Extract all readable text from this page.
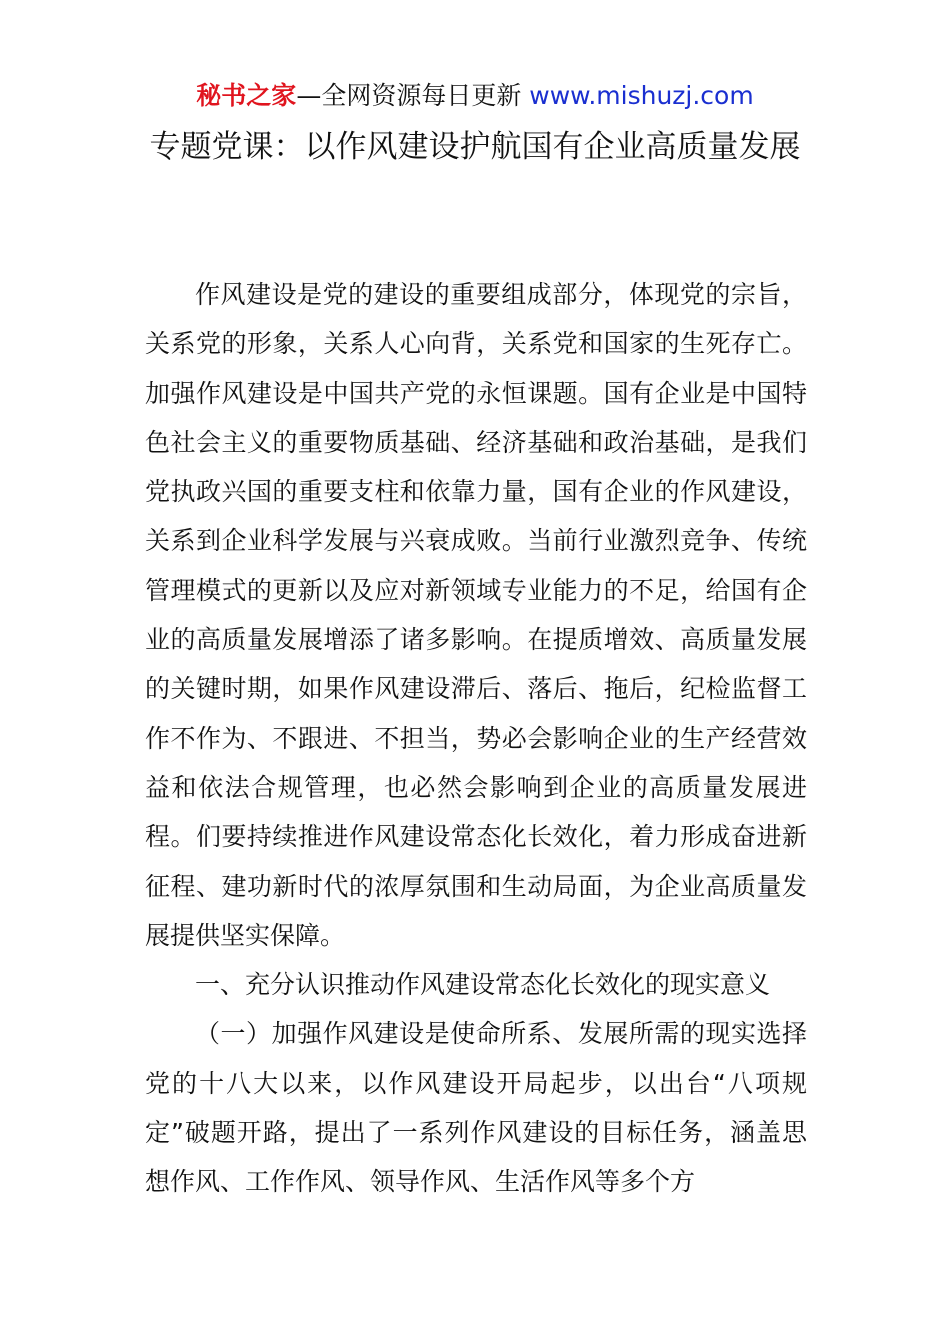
秘书之家—全网资源每日更新 www.mishuzj.com
专题党课：以作风建设护航国有企业高质量发展

作风建设是党的建设的重要组成部分，体现党的宗旨，关系党的形象，关系人心向背，关系党和国家的生死存亡。加强作风建设是中国共产党的永恒课题。国有企业是中国特色社会主义的重要物质基础、经济基础和政治基础，是我们党执政兴国的重要支柱和依靠力量，国有企业的作风建设，关系到企业科学发展与兴衰成败。当前行业激烈竞争、传统管理模式的更新以及应对新领域专业能力的不足，给国有企业的高质量发展增添了诸多影响。在提质增效、高质量发展的关键时期，如果作风建设滞后、落后、拖后，纪检监督工作不作为、不跟进、不担当，势必会影响企业的生产经营效益和依法合规管理，也必然会影响到企业的高质量发展进程。们要持续推进作风建设常态化长效化，着力形成奋进新征程、建功新时代的浓厚氛围和生动局面，为企业高质量发展提供坚实保障。

一、充分认识推动作风建设常态化长效化的现实意义

（一）加强作风建设是使命所系、发展所需的现实选择党的十八大以来，以作风建设开局起步，以出台“八项规定”破题开路，提出了一系列作风建设的目标任务，涵盖思想作风、工作作风、领导作风、生活作风等多个方
